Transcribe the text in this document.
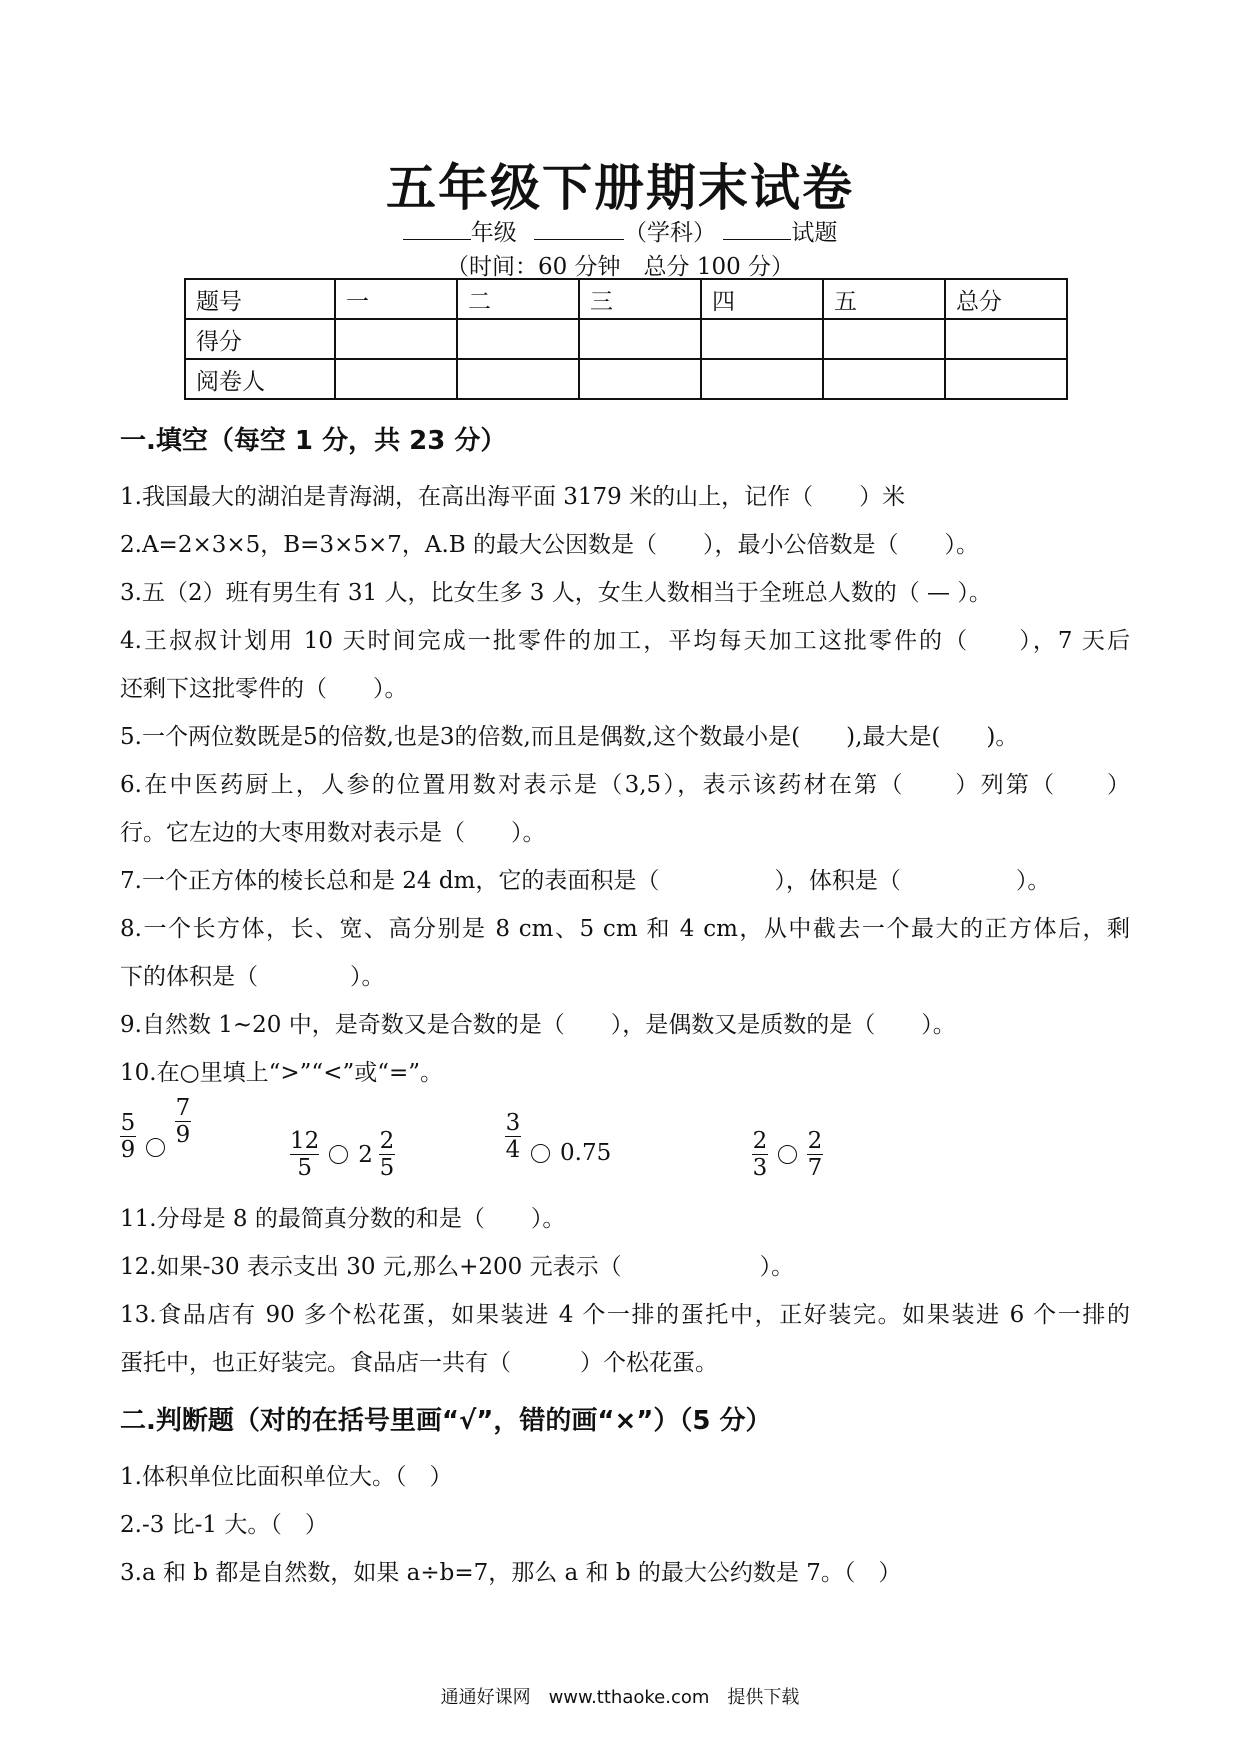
五年级下册期末试卷
年级	（学科）	试题
（时间：60 分钟　总分 100 分）
题号	一	二	三	四	五	总分
得分						
阅卷人						
一.填空（每空 1 分，共 23 分）
1.我国最大的湖泊是青海湖，在高出海平面 3179 米的山上，记作（　　）米
2.A=2×3×5，B=3×5×7，A.B 的最大公因数是（　　），最小公倍数是（　　）。
3.五（2）班有男生有 31 人，比女生多 3 人，女生人数相当于全班总人数的（ — ）。
4.王叔叔计划用 10 天时间完成一批零件的加工，平均每天加工这批零件的（　　），7 天后
还剩下这批零件的（　　）。
5.一个两位数既是5的倍数,也是3的倍数,而且是偶数,这个数最小是(　　),最大是(　　)。
6.在中医药厨上，人参的位置用数对表示是（3,5），表示该药材在第（　　）列第（　　）
行。它左边的大枣用数对表示是（　　）。
7.一个正方体的棱长总和是 24 dm，它的表面积是（　　　　　），体积是（　　　　　）。
8.一个长方体，长、宽、高分别是 8 cm、5 cm 和 4 cm，从中截去一个最大的正方体后，剩
下的体积是（　　　　）。
9.自然数 1~20 中，是奇数又是合数的是（　　），是偶数又是质数的是（　　）。
10.在○里填上“>”“<”或“=”。
$\frac{5}{9} \frac{7}{9}$
$\frac{12}{5} 2 \frac{2}{5}$	$\frac{3}{4} 0.75$	$\frac{2}{3} \frac{2}{7}$
11.分母是 8 的最简真分数的和是（　　）。
12.如果-30 表示支出 30 元,那么+200 元表示（　　　　　　）。
13.食品店有 90 多个松花蛋，如果装进 4 个一排的蛋托中，正好装完。如果装进 6 个一排的
蛋托中，也正好装完。食品店一共有（　　　）个松花蛋。
二.判断题（对的在括号里画“√”，错的画“×”）（5 分）
1.体积单位比面积单位大。（　）
2.-3 比-1 大。（　）
3.a 和 b 都是自然数，如果 a÷b=7，那么 a 和 b 的最大公约数是 7。（　）
通通好课网　www.tthaoke.com　提供下载
